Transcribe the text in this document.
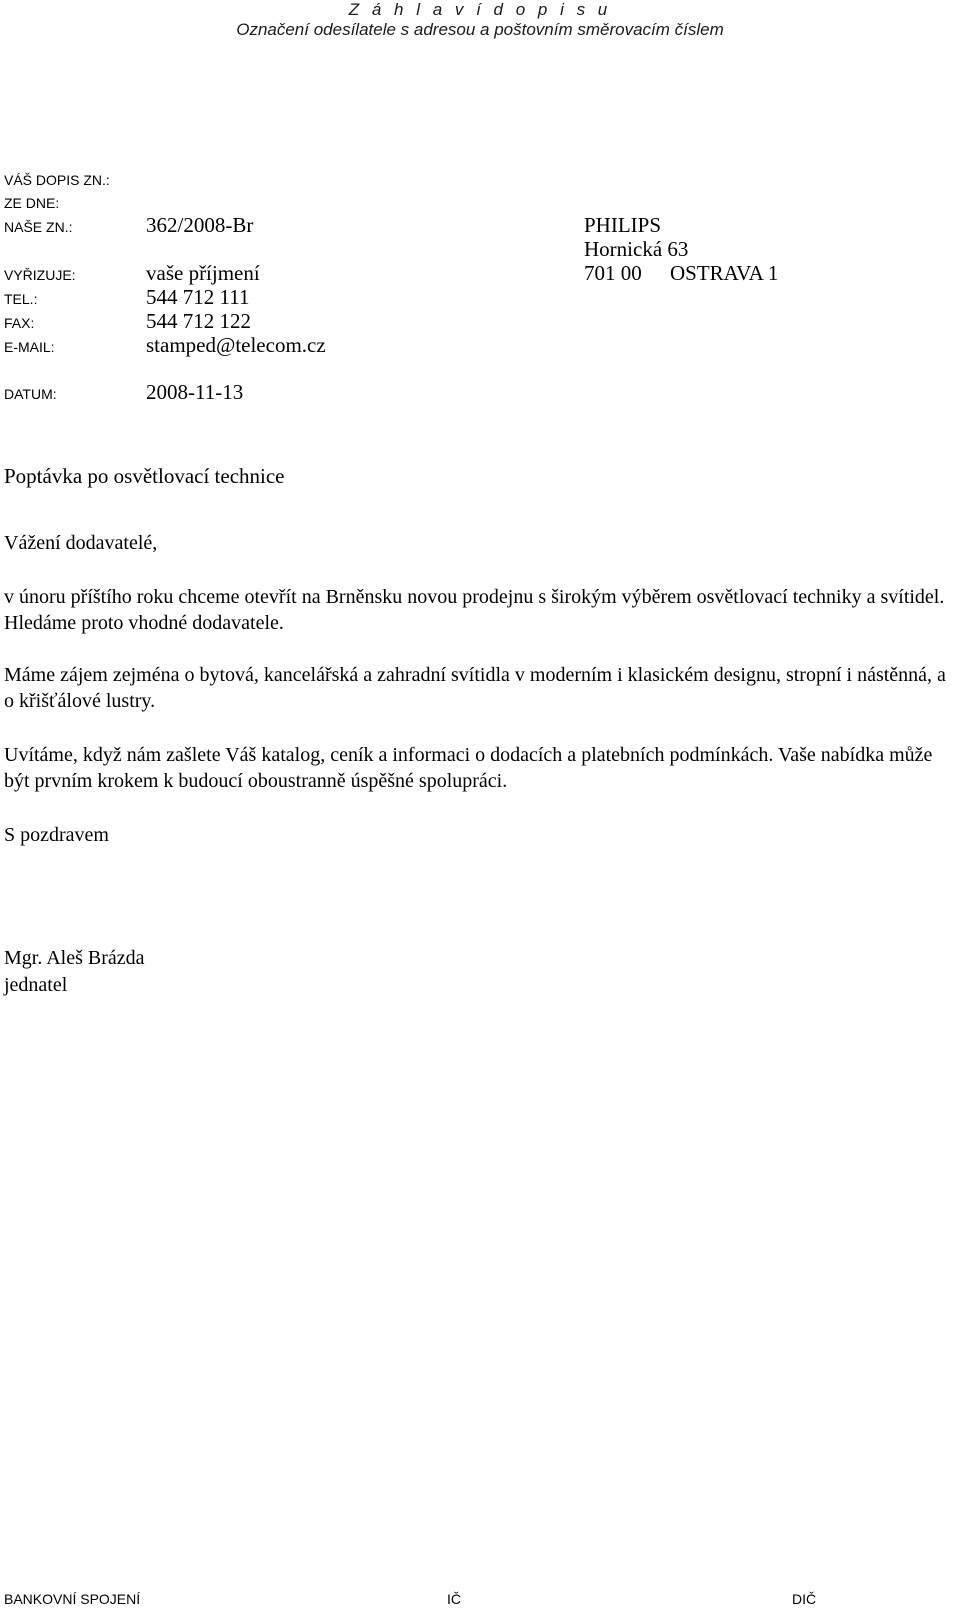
Z á h l a v í d o p i s u
Označení odesílatele s adresou a poštovním směrovacím číslem
VÁŠ DOPIS ZN.:
ZE DNE:
NAŠE ZN.:	362/2008-Br
VYŘIZUJE:	vaše příjmení
TEL.:	544 712 111
FAX:	544 712 122
E-MAIL:	stamped@telecom.cz
DATUM:	2008-11-13
PHILIPS
Hornická 63
701 00 OSTRAVA 1
Poptávka po osvětlovací technice
Vážení dodavatelé,
v únoru příštího roku chceme otevřít na Brněnsku novou prodejnu s širokým výběrem osvětlovací techniky a svítidel. Hledáme proto vhodné dodavatele.
Máme zájem zejména o bytová, kancelářská a zahradní svítidla v moderním i klasickém designu, stropní i nástěnná, a o křišťálové lustry.
Uvítáme, když nám zašlete Váš katalog, ceník a informaci o dodacích a platebních podmínkách. Vaše nabídka může být prvním krokem k budoucí oboustranně úspěšné spolupráci.
S pozdravem
Mgr. Aleš Brázda
jednatel
BANKOVNÍ SPOJENÍ	IČ	DIČ
